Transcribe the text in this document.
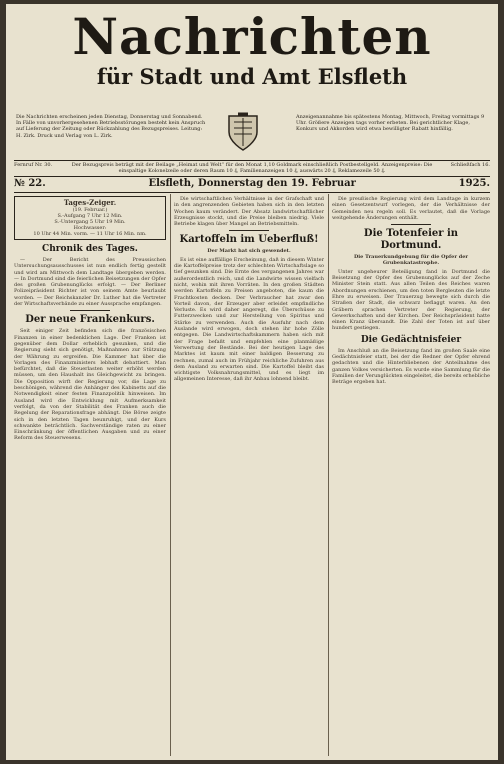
Nachrichten
für Stadt und Amt Elsfleth
Die Nachrichten erscheinen jeden Dienstag, Donnerstag und Sonnabend. In Fälle von unvorhergesehenen Betriebsstörungen besteht kein Anspruch auf Lieferung der Zeitung oder Rückzahlung des Bezugspreises. Leitung: H. Zirk. Druck und Verlag von L. Zirk.
Anzeigenannahme bis spätestens Montag, Mittwoch, Freitag vormittags 9 Uhr. Größere Anzeigen tags vorher erbeten. Bei gerichtlicher Klage, Konkurs und Akkorden wird etwa bewilligter Rabatt hinfällig.
Fernruf Nr. 30.	Der Bezugspreis beträgt mit der Beilage „Heimat und Welt“ für den Monat 1,10 Goldmark einschließlich Postbestellgeld. Anzeigenpreise: Die einspaltige Kolonelzeile oder deren Raum 10 ₰, Familienanzeigen 10 ₰, auswärts 20 ₰, Reklamezeile 50 ₰.
Schließfach 16.
№ 22.	Elsfleth, Donnerstag den 19. Februar	1925.
Tages-Zeiger.
(19. Februar.)
S.-Aufgang 7 Uhr 12 Min.
S.-Untergang 5 Uhr 19 Min.
Hochwasser:
10 Uhr 44 Min. vorm. — 11 Uhr 16 Min. nm.
Chronik des Tages.

— Der Bericht des Preussischen Untersuchungsausschusses ist nun endlich fertig gestellt und wird am Mittwoch dem Landtage übergeben werden. — In Dortmund sind die feierlichen Beisetzungen der Opfer des großen Grubenunglücks erfolgt. — Der Berliner Polizeipräsident Richter ist von seinem Amte beurlaubt worden. — Der Reichskanzler Dr. Luther hat die Vertreter der Wirtschaftsverbände zu einer Aussprache empfangen.

Der neue Frankenkurs.

Seit einiger Zeit befinden sich die französischen Finanzen in einer bedenklichen Lage. Der Franken ist gegenüber dem Dollar erheblich gesunken, und die Regierung sieht sich genötigt, Maßnahmen zur Stützung der Währung zu ergreifen. Die Kammer hat über die Vorlagen des Finanzministers lebhaft debattiert. Man befürchtet, daß die Steuerlasten weiter erhöht werden müssen, um den Haushalt ins Gleichgewicht zu bringen. Die Opposition wirft der Regierung vor, die Lage zu beschönigen, während die Anhänger des Kabinetts auf die Notwendigkeit einer festen Finanzpolitik hinweisen. Im Ausland wird die Entwicklung mit Aufmerksamkeit verfolgt, da von der Stabilität des Franken auch die Regelung der Reparationsfrage abhängt. Die Börse zeigte sich in den letzten Tagen beunruhigt, und der Kurs schwankte beträchtlich. Sachverständige raten zu einer Einschränkung der öffentlichen Ausgaben und zu einer Reform des Steuerwesens.

Die wirtschaftlichen Verhältnisse in der Grafschaft und in den angrenzenden Gebieten haben sich in den letzten Wochen kaum verändert. Der Absatz landwirtschaftlicher Erzeugnisse stockt, und die Preise bleiben niedrig. Viele Betriebe klagen über Mangel an Betriebsmitteln.

Kartoffeln im Ueberfluß!
Der Markt hat sich gewendet.

Es ist eine auffällige Erscheinung, daß in diesem Winter die Kartoffelpreise trotz der schlechten Wirtschaftslage so tief gesunken sind. Die Ernte des vergangenen Jahres war außerordentlich reich, und die Landwirte wissen vielfach nicht, wohin mit ihren Vorräten. In den großen Städten werden Kartoffeln zu Preisen angeboten, die kaum die Frachtkosten decken. Der Verbraucher hat zwar den Vorteil davon, der Erzeuger aber erleidet empfindliche Verluste. Es wird daher angeregt, die Überschüsse zu Futterzwecken und zur Herstellung von Spiritus und Stärke zu verwenden. Auch die Ausfuhr nach dem Auslande wird erwogen, doch stehen ihr hohe Zölle entgegen. Die Landwirtschaftskammern haben sich mit der Frage befaßt und empfehlen eine planmäßige Verwertung der Bestände. Bei der heutigen Lage des Marktes ist kaum mit einer baldigen Besserung zu rechnen, zumal auch im Frühjahr reichliche Zufuhren aus dem Ausland zu erwarten sind. Die Kartoffel bleibt das wichtigste Volksnahrungsmittel, und es liegt im allgemeinen Interesse, daß ihr Anbau lohnend bleibt.

Die preußische Regierung wird dem Landtage in kurzem einen Gesetzentwurf vorlegen, der die Verhältnisse der Gemeinden neu regeln soll. Es verlautet, daß die Vorlage weitgehende Änderungen enthält.

Die Totenfeier in Dortmund.
Die Trauerkundgebung für die Opfer der Grubenkatastrophe.

Unter ungeheurer Beteiligung fand in Dortmund die Beisetzung der Opfer des Grubenunglücks auf der Zeche Minister Stein statt. Aus allen Teilen des Reiches waren Abordnungen erschienen, um den toten Bergleuten die letzte Ehre zu erweisen. Der Trauerzug bewegte sich durch die Straßen der Stadt, die schwarz beflaggt waren. An den Gräbern sprachen Vertreter der Regierung, der Gewerkschaften und der Kirchen. Der Reichspräsident hatte einen Kranz übersandt. Die Zahl der Toten ist auf über hundert gestiegen.

Die Gedächtnisfeier

Im Anschluß an die Beisetzung fand im großen Saale eine Gedächtnisfeier statt, bei der die Redner der Opfer ehrend gedachten und die Hinterbliebenen der Anteilnahme des ganzen Volkes versicherten. Es wurde eine Sammlung für die Familien der Verunglückten eingeleitet, die bereits erhebliche Beträge ergeben hat.
